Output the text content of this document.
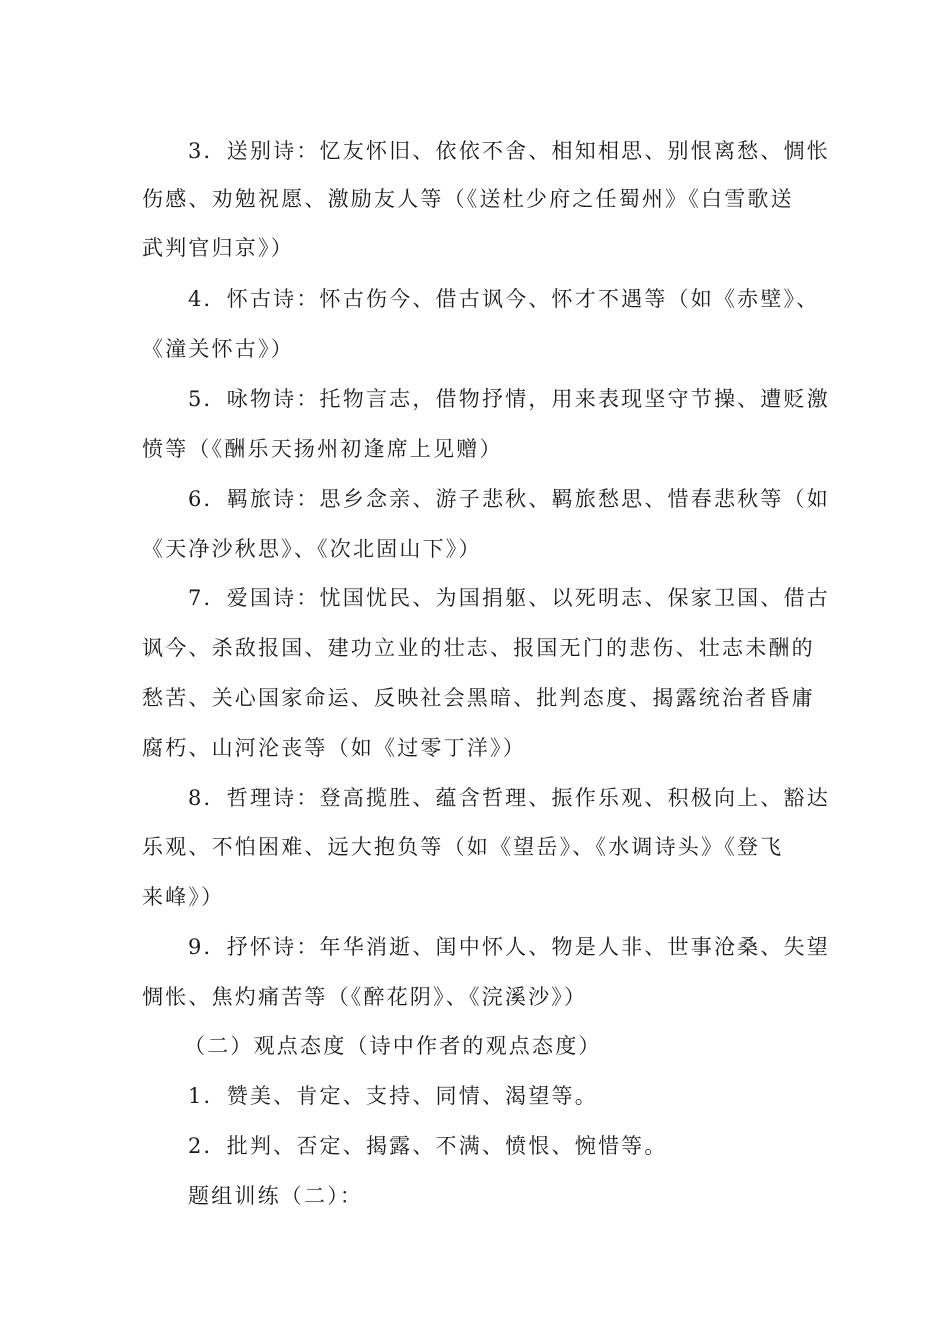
3．送别诗：忆友怀旧、依依不舍、相知相思、别恨离愁、惆怅
伤感、劝勉祝愿、激励友人等（《送杜少府之任蜀州》《白雪歌送
武判官归京》）
4．怀古诗：怀古伤今、借古讽今、怀才不遇等（如《赤壁》、
《潼关怀古》）
5．咏物诗：托物言志，借物抒情，用来表现坚守节操、遭贬激
愤等（《酬乐天扬州初逢席上见赠）
6．羁旅诗：思乡念亲、游子悲秋、羁旅愁思、惜春悲秋等（如
《天净沙秋思》、《次北固山下》）
7．爱国诗：忧国忧民、为国捐躯、以死明志、保家卫国、借古
讽今、杀敌报国、建功立业的壮志、报国无门的悲伤、壮志未酬的
愁苦、关心国家命运、反映社会黑暗、批判态度、揭露统治者昏庸
腐朽、山河沦丧等（如《过零丁洋》）
8．哲理诗：登高揽胜、蕴含哲理、振作乐观、积极向上、豁达
乐观、不怕困难、远大抱负等（如《望岳》、《水调诗头》《登飞
来峰》）
9．抒怀诗：年华消逝、闺中怀人、物是人非、世事沧桑、失望
惆怅、焦灼痛苦等（《醉花阴》、《浣溪沙》）
（二）观点态度（诗中作者的观点态度）
1．赞美、肯定、支持、同情、渴望等。
2．批判、否定、揭露、不满、愤恨、惋惜等。
题组训练（二）：
